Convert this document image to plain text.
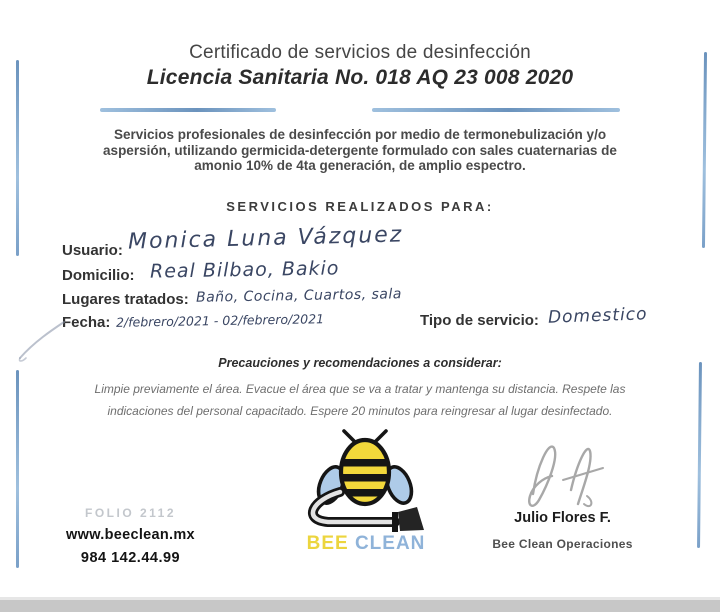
Certificado de servicios de desinfección
Licencia Sanitaria No. 018 AQ 23 008 2020
Servicios profesionales de desinfección por medio de termonebulización y/o
aspersión, utilizando germicida-detergente formulado con sales cuaternarias de
amonio 10% de 4ta generación, de amplio espectro.
SERVICIOS REALIZADOS PARA:
Usuario: Monica Luna Vázquez
Domicilio: Real Bilbao, Bakio
Lugares tratados: Baño, Cocina, Cuartos, sala
Fecha: 2/febrero/2021 - 02/febrero/2021	Tipo de servicio: Domestico
Precauciones y recomendaciones a considerar:
Limpie previamente el área. Evacue el área que se va a tratar y mantenga su distancia. Respete las
indicaciones del personal capacitado. Espere 20 minutos para reingresar al lugar desinfectado.
FOLIO 2112
www.beeclean.mx
984 142.44.99
BEE CLEAN
Julio Flores F.
Bee Clean Operaciones
